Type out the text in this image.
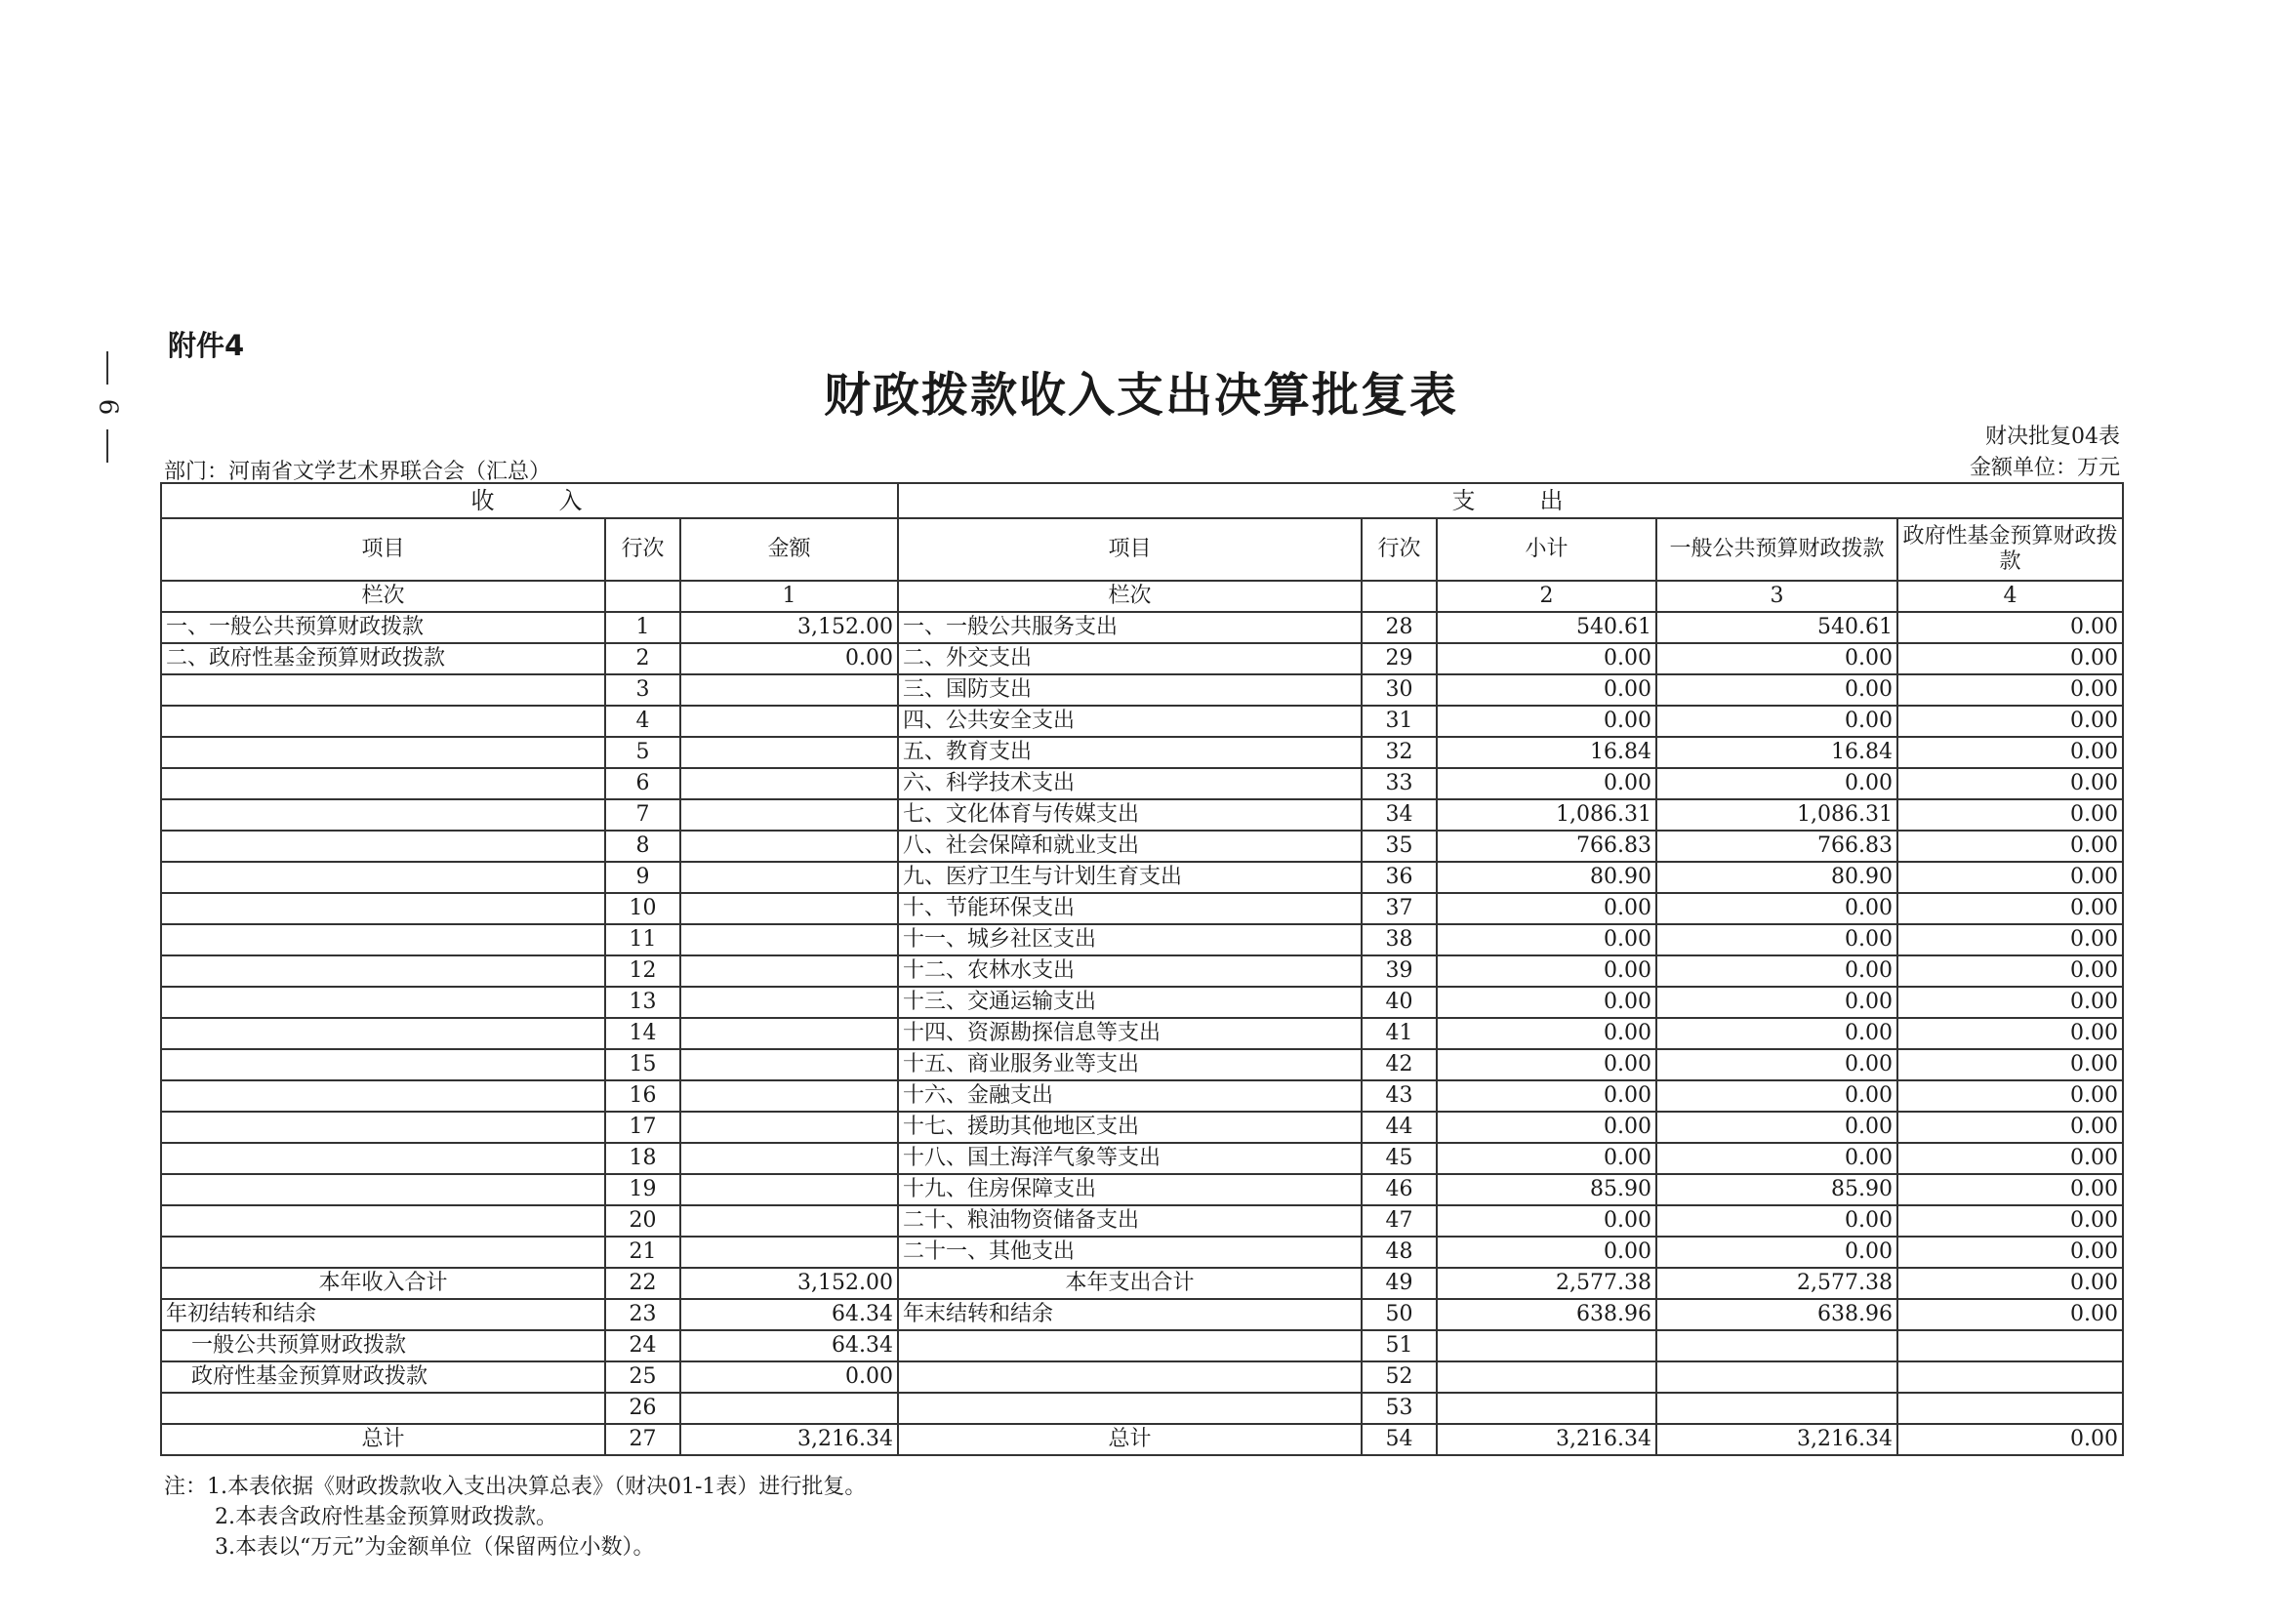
附件4
6	财政拨款收入支出决算批复表
财决批复04表
金额单位：万元
部门：河南省文学艺术界联合会（汇总）
收　　入			支　　出				
项目	行次	金额	项目	行次	小计	一般公共预算财政拨款	政府性基金预算财政拨款
栏次		1	栏次		2	3	4
一、一般公共预算财政拨款	1	3,152.00	一、一般公共服务支出	28	540.61	540.61	0.00
二、政府性基金预算财政拨款	2	0.00	二、外交支出	29	0.00	0.00	0.00
	3		三、国防支出	30	0.00	0.00	0.00
	4		四、公共安全支出	31	0.00	0.00	0.00
	5		五、教育支出	32	16.84	16.84	0.00
	6		六、科学技术支出	33	0.00	0.00	0.00
	7		七、文化体育与传媒支出	34	1,086.31	1,086.31	0.00
	8		八、社会保障和就业支出	35	766.83	766.83	0.00
	9		九、医疗卫生与计划生育支出	36	80.90	80.90	0.00
	10		十、节能环保支出	37	0.00	0.00	0.00
	11		十一、城乡社区支出	38	0.00	0.00	0.00
	12		十二、农林水支出	39	0.00	0.00	0.00
	13		十三、交通运输支出	40	0.00	0.00	0.00
	14		十四、资源勘探信息等支出	41	0.00	0.00	0.00
	15		十五、商业服务业等支出	42	0.00	0.00	0.00
	16		十六、金融支出	43	0.00	0.00	0.00
	17		十七、援助其他地区支出	44	0.00	0.00	0.00
	18		十八、国土海洋气象等支出	45	0.00	0.00	0.00
	19		十九、住房保障支出	46	85.90	85.90	0.00
	20		二十、粮油物资储备支出	47	0.00	0.00	0.00
	21		二十一、其他支出	48	0.00	0.00	0.00
本年收入合计	22	3,152.00	本年支出合计	49	2,577.38	2,577.38	0.00
年初结转和结余	23	64.34	年末结转和结余	50	638.96	638.96	0.00
一般公共预算财政拨款	24	64.34		51			
政府性基金预算财政拨款	25	0.00		52			
	26			53			
总计	27	3,216.34	总计	54	3,216.34	3,216.34	0.00
注：1.本表依据《财政拨款收入支出决算总表》（财决01-1表）进行批复。
2.本表含政府性基金预算财政拨款。
3.本表以“万元”为金额单位（保留两位小数）。
